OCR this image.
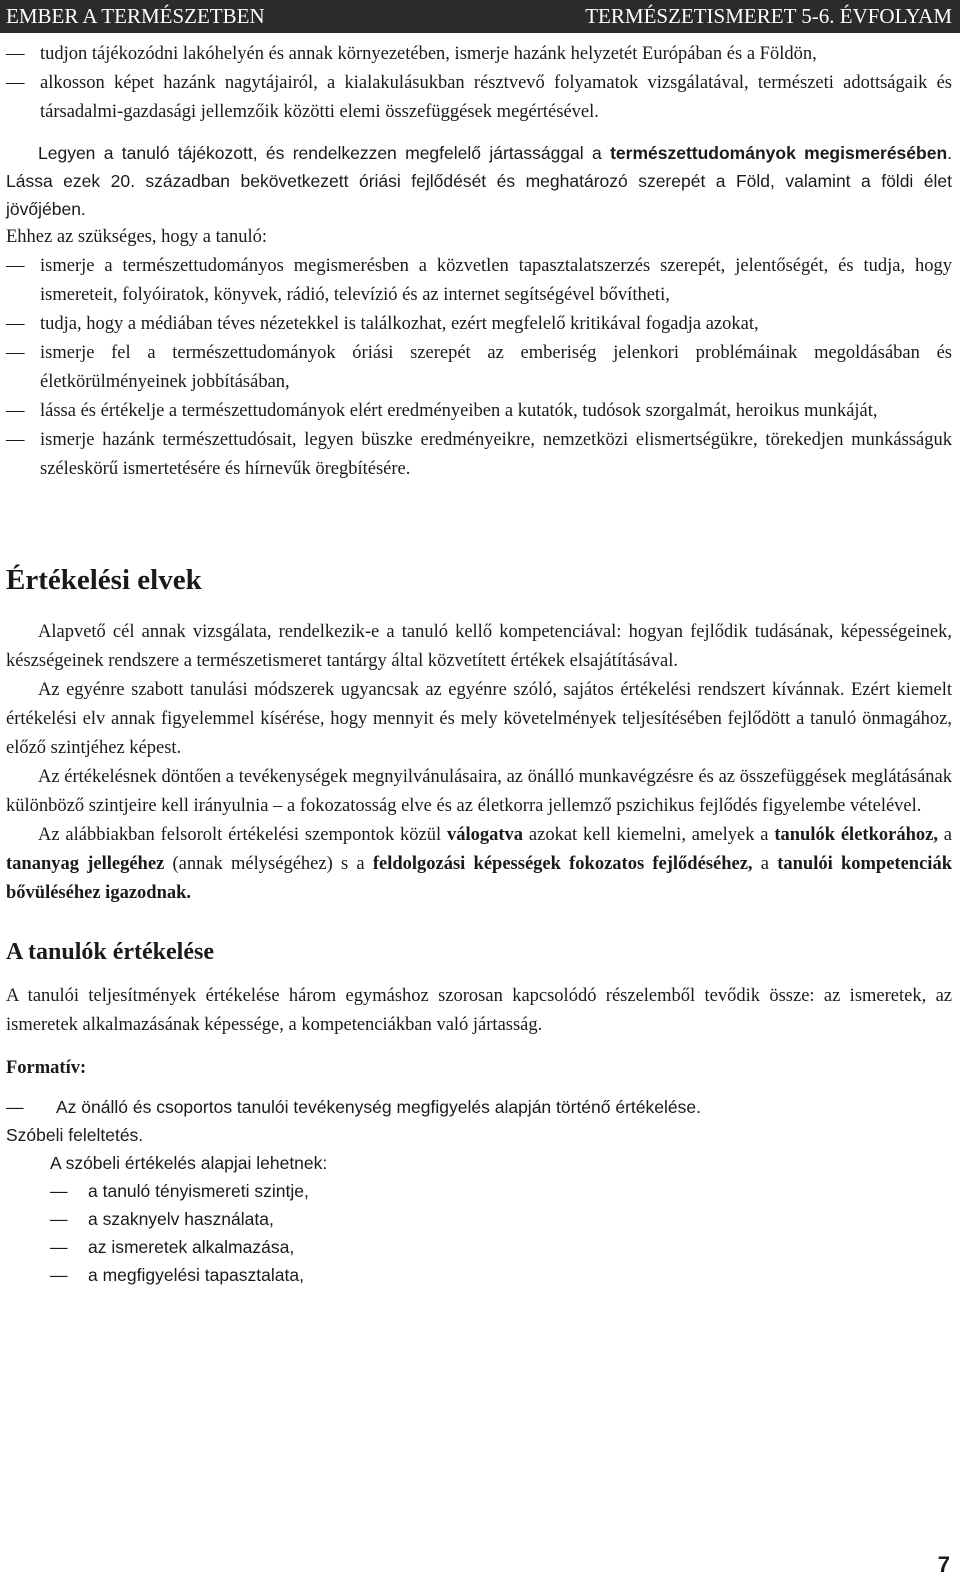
EMBER A TERMÉSZETBEN	TERMÉSZETISMERET 5-6. ÉVFOLYAM
— tudjon tájékozódni lakóhelyén és annak környezetében, ismerje hazánk helyzetét Európában és a Földön,
— alkosson képet hazánk nagytájairól, a kialakulásukban résztvevő folyamatok vizsgálatával, természeti adottságaik és társadalmi-gazdasági jellemzőik közötti elemi összefüggések megértésével.
Legyen a tanuló tájékozott, és rendelkezzen megfelelő jártassággal a természettudományok megismerésében. Lássa ezek 20. században bekövetkezett óriási fejlődését és meghatározó szerepét a Föld, valamint a földi élet jövőjében.
Ehhez az szükséges, hogy a tanuló:
— ismerje a természettudományos megismerésben a közvetlen tapasztalatszerzés szerepét, jelentőségét, és tudja, hogy ismereteit, folyóiratok, könyvek, rádió, televízió és az internet segítségével bővítheti,
— tudja, hogy a médiában téves nézetekkel is találkozhat, ezért megfelelő kritikával fogadja azokat,
— ismerje fel a természettudományok óriási szerepét az emberiség jelenkori problémáinak megoldásában és életkörülményeinek jobbításában,
— lássa és értékelje a természettudományok elért eredményeiben a kutatók, tudósok szorgalmát, heroikus munkáját,
— ismerje hazánk természettudósait, legyen büszke eredményeikre, nemzetközi elismertségükre, törekedjen munkásságuk széleskörű ismertetésére és hírnevűk öregbítésére.
Értékelési elvek
Alapvető cél annak vizsgálata, rendelkezik-e a tanuló kellő kompetenciával: hogyan fejlődik tudásának, képességeinek, készségeinek rendszere a természetismeret tantárgy által közvetített értékek elsajátításával.
Az egyénre szabott tanulási módszerek ugyancsak az egyénre szóló, sajátos értékelési rendszert kívánnak. Ezért kiemelt értékelési elv annak figyelemmel kísérése, hogy mennyit és mely követelmények teljesítésében fejlődött a tanuló önmagához, előző szintjéhez képest.
Az értékelésnek döntően a tevékenységek megnyilvánulásaira, az önálló munkavégzésre és az összefüggések meglátásának különböző szintjeire kell irányulnia – a fokozatosság elve és az életkorra jellemző pszichikus fejlődés figyelembe vételével.
Az alábbiakban felsorolt értékelési szempontok közül válogatva azokat kell kiemelni, amelyek a tanulók életkorához, a tananyag jellegéhez (annak mélységéhez) s a feldolgozási képességek fokozatos fejlődéséhez, a tanulói kompetenciák bővüléséhez igazodnak.
A tanulók értékelése
A tanulói teljesítmények értékelése három egymáshoz szorosan kapcsolódó részelemből tevődik össze: az ismeretek, az ismeretek alkalmazásának képessége, a kompetenciákban való jártasság.
Formatív:
— Az önálló és csoportos tanulói tevékenység megfigyelés alapján történő értékelése.
Szóbeli feleltetés.
A szóbeli értékelés alapjai lehetnek:
— a tanuló tényismereti szintje,
— a szaknyelv használata,
— az ismeretek alkalmazása,
— a megfigyelési tapasztalata,
7
